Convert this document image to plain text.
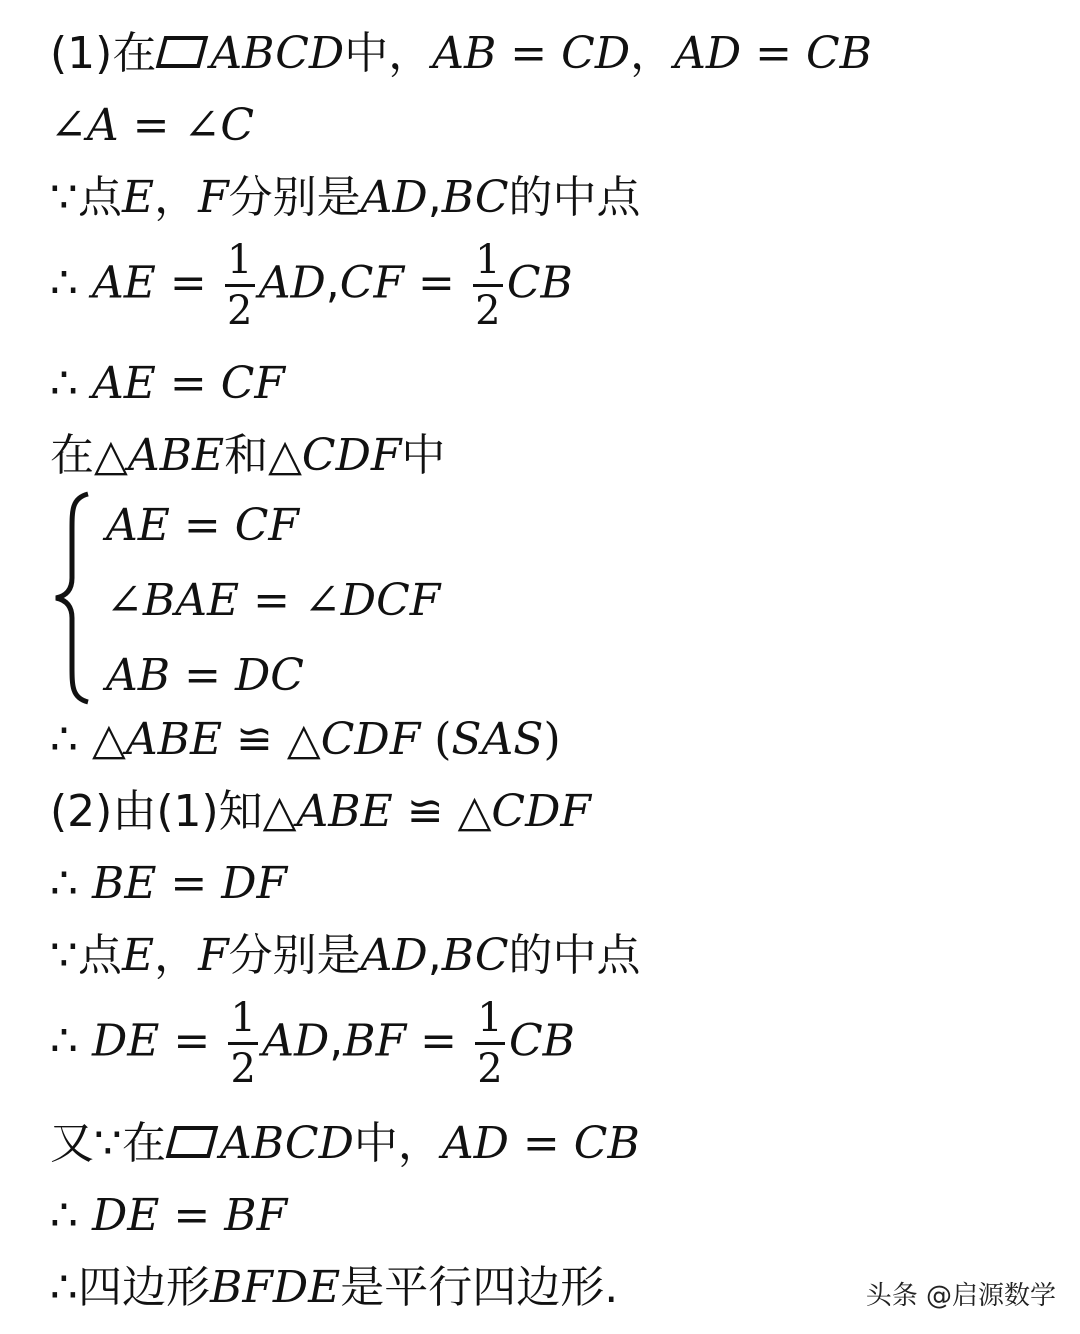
(1)在 ABCD中，AB = CD，AD = CB
∠A = ∠C
∵点E，F分别是AD,BC的中点
∴ AE = $\frac{1}{2} AD,CF = \frac{1}{2}$ CB
∴ AE = CF
在△ABE和△CDF中
AE = CF
∠BAE = ∠DCF
AB = DC
∴ △ABE ≌ △CDF (SAS)
(2)由(1)知△ABE ≌ △CDF
∴ BE = DF
∵点E，F分别是AD,BC的中点
∴ DE = $\frac{1}{2} AD,BF = \frac{1}{2}$ CB
又∵在 ABCD中，AD = CB
∴ DE = BF
∴四边形BFDE是平行四边形.	头条 @启源数学
